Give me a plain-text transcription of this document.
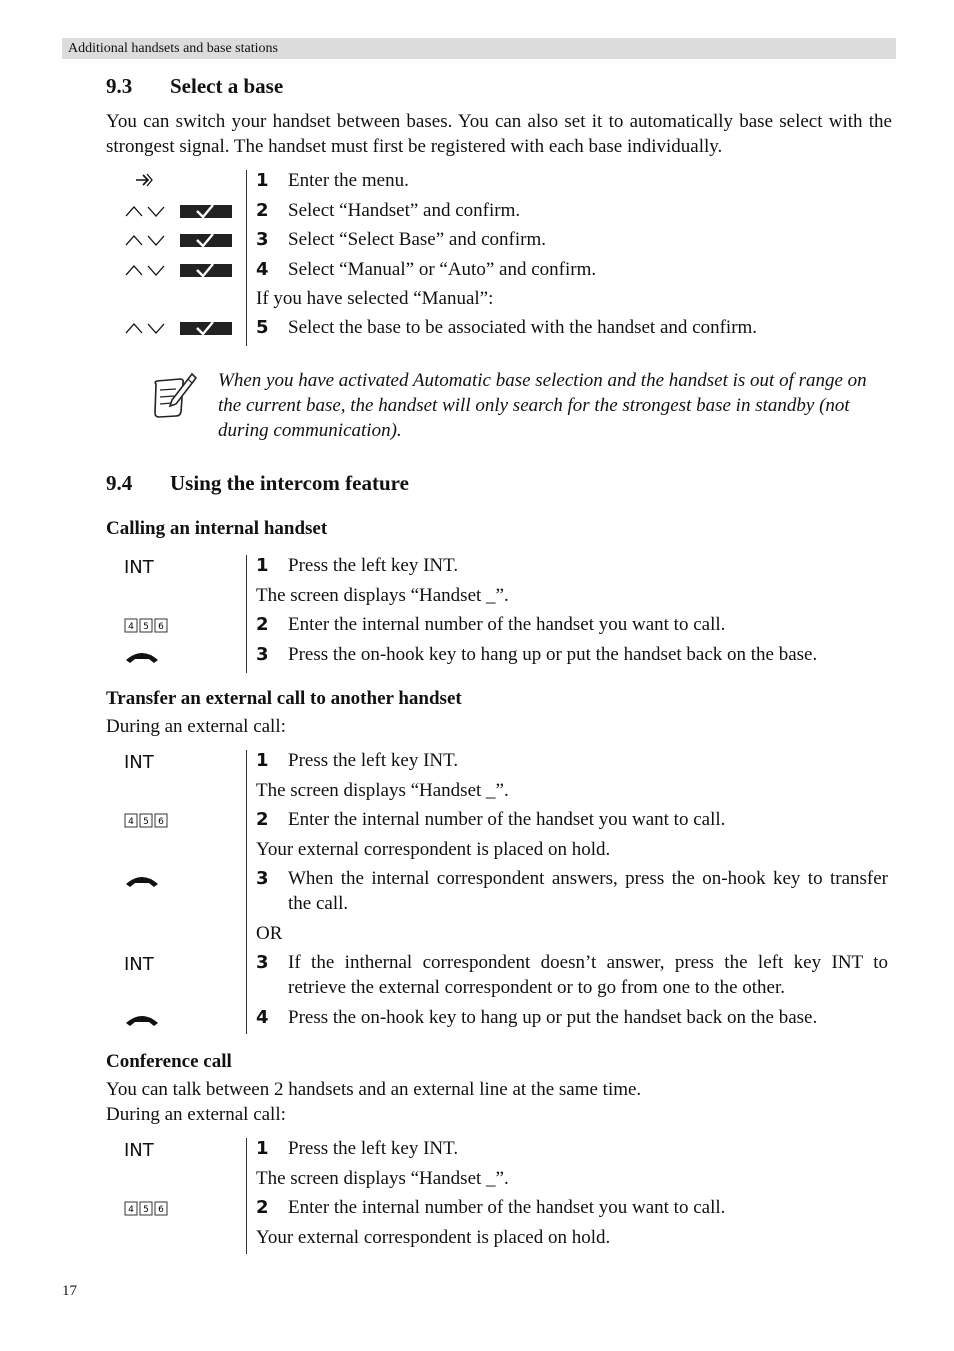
Additional handsets and base stations
9.3 Select a base

You can switch your handset between bases. You can also set it to automatically base select with the strongest signal. The handset must first be registered with each base individually.

1 Enter the menu.
2 Select “Handset” and confirm.
3 Select “Select Base” and confirm.
4 Select “Manual” or “Auto” and confirm.
If you have selected “Manual”:
5 Select the base to be associated with the handset and confirm.

When you have activated Automatic base selection and the handset is out of range on the current base, the handset will only search for the strongest base in standby (not during communication).

9.4 Using the intercom feature
Calling an internal handset
INT	1 Press the left key INT.
The screen displays “Handset _”.
4 5 6	2 Enter the internal number of the handset you want to call.
3 Press the on-hook key to hang up or put the handset back on the base.
Transfer an external call to another handset

During an external call:

INT	1 Press the left key INT.
The screen displays “Handset _”.
4 5 6	2 Enter the internal number of the handset you want to call.
Your external correspondent is placed on hold.
3 When the internal correspondent answers, press the on-hook key to transfer the call.
OR
INT	3 If the inthernal correspondent doesn’t answer, press the left key INT to retrieve the external correspondent or to go from one to the other.
4 Press the on-hook key to hang up or put the handset back on the base.
Conference call

You can talk between 2 handsets and an external line at the same time.

During an external call:

INT	1 Press the left key INT.
The screen displays “Handset _”.
4 5 6	2 Enter the internal number of the handset you want to call.
Your external correspondent is placed on hold.
17
